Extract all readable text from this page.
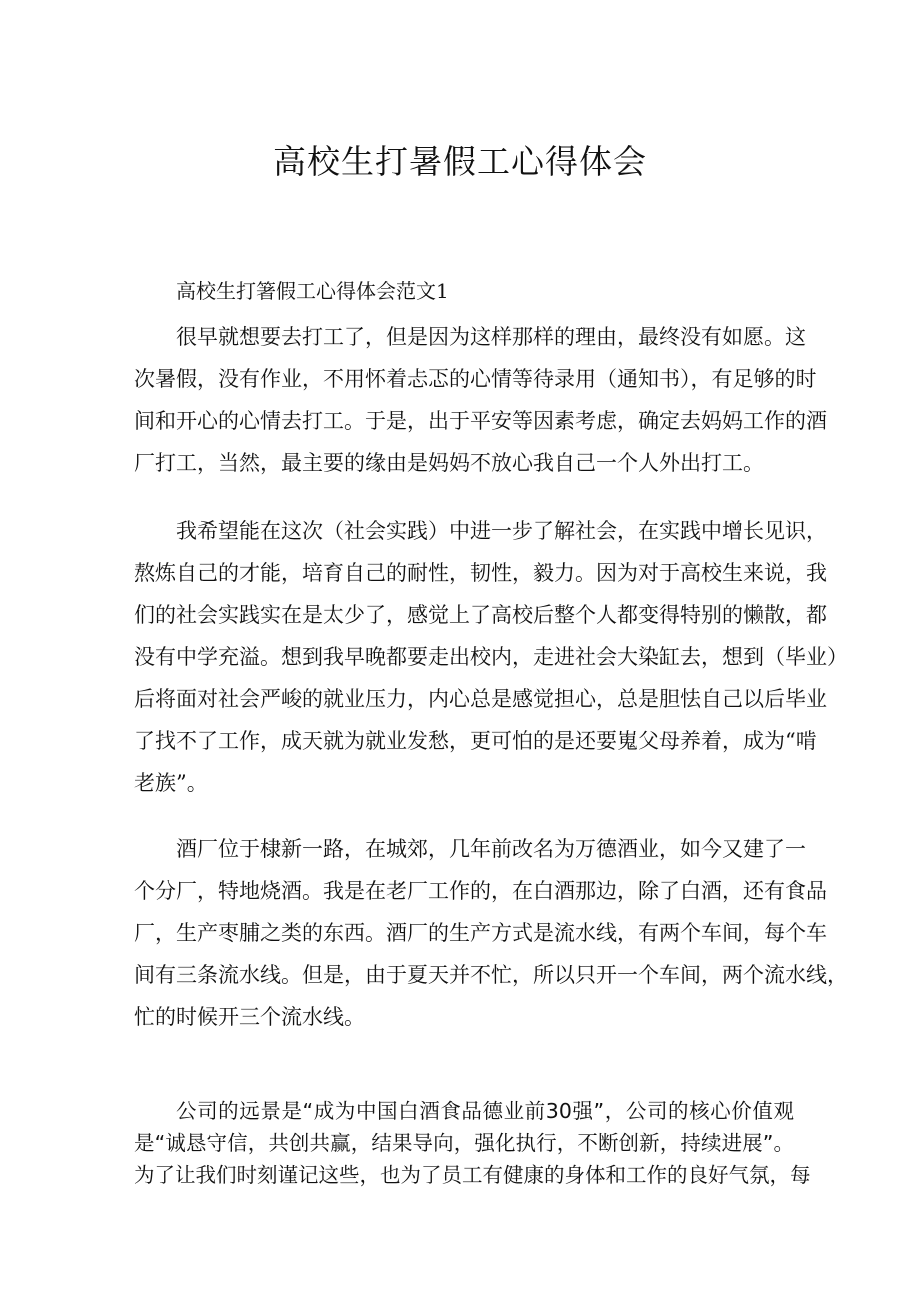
高校生打暑假工心得体会

高校生打箸假工心得体会范文1

很早就想要去打工了，但是因为这样那样的理由，最终没有如愿。这
次暑假，没有作业，不用怀着忐忑的心情等待录用（通知书），有足够的时
间和开心的心情去打工。于是，出于平安等因素考虑，确定去妈妈工作的酒
厂打工，当然，最主要的缘由是妈妈不放心我自己一个人外出打工。

我希望能在这次（社会实践）中进一步了解社会，在实践中增长见识，
熬炼自己的才能，培育自己的耐性，韧性，毅力。因为对于高校生来说，我
们的社会实践实在是太少了，感觉上了高校后整个人都变得特别的懒散，都
没有中学充溢。想到我早晚都要走出校内，走进社会大染缸去，想到（毕业）
后将面对社会严峻的就业压力，内心总是感觉担心，总是胆怯自己以后毕业
了找不了工作，成天就为就业发愁，更可怕的是还要嵬父母养着，成为“啃
老族”。

酒厂位于棣新一路，在城郊，几年前改名为万德酒业，如今又建了一
个分厂，特地烧酒。我是在老厂工作的，在白酒那边，除了白酒，还有食品
厂，生产枣脯之类的东西。酒厂的生产方式是流水线，有两个车间，每个车
间有三条流水线。但是，由于夏天并不忙，所以只开一个车间，两个流水线，
忙的时候开三个流水线。

公司的远景是“成为中国白酒食品德业前30强”，公司的核心价值观
是“诚恳守信，共创共赢，结果导向，强化执行，不断创新，持续进展”。
为了让我们时刻谨记这些，也为了员工有健康的身体和工作的良好气氛，每
